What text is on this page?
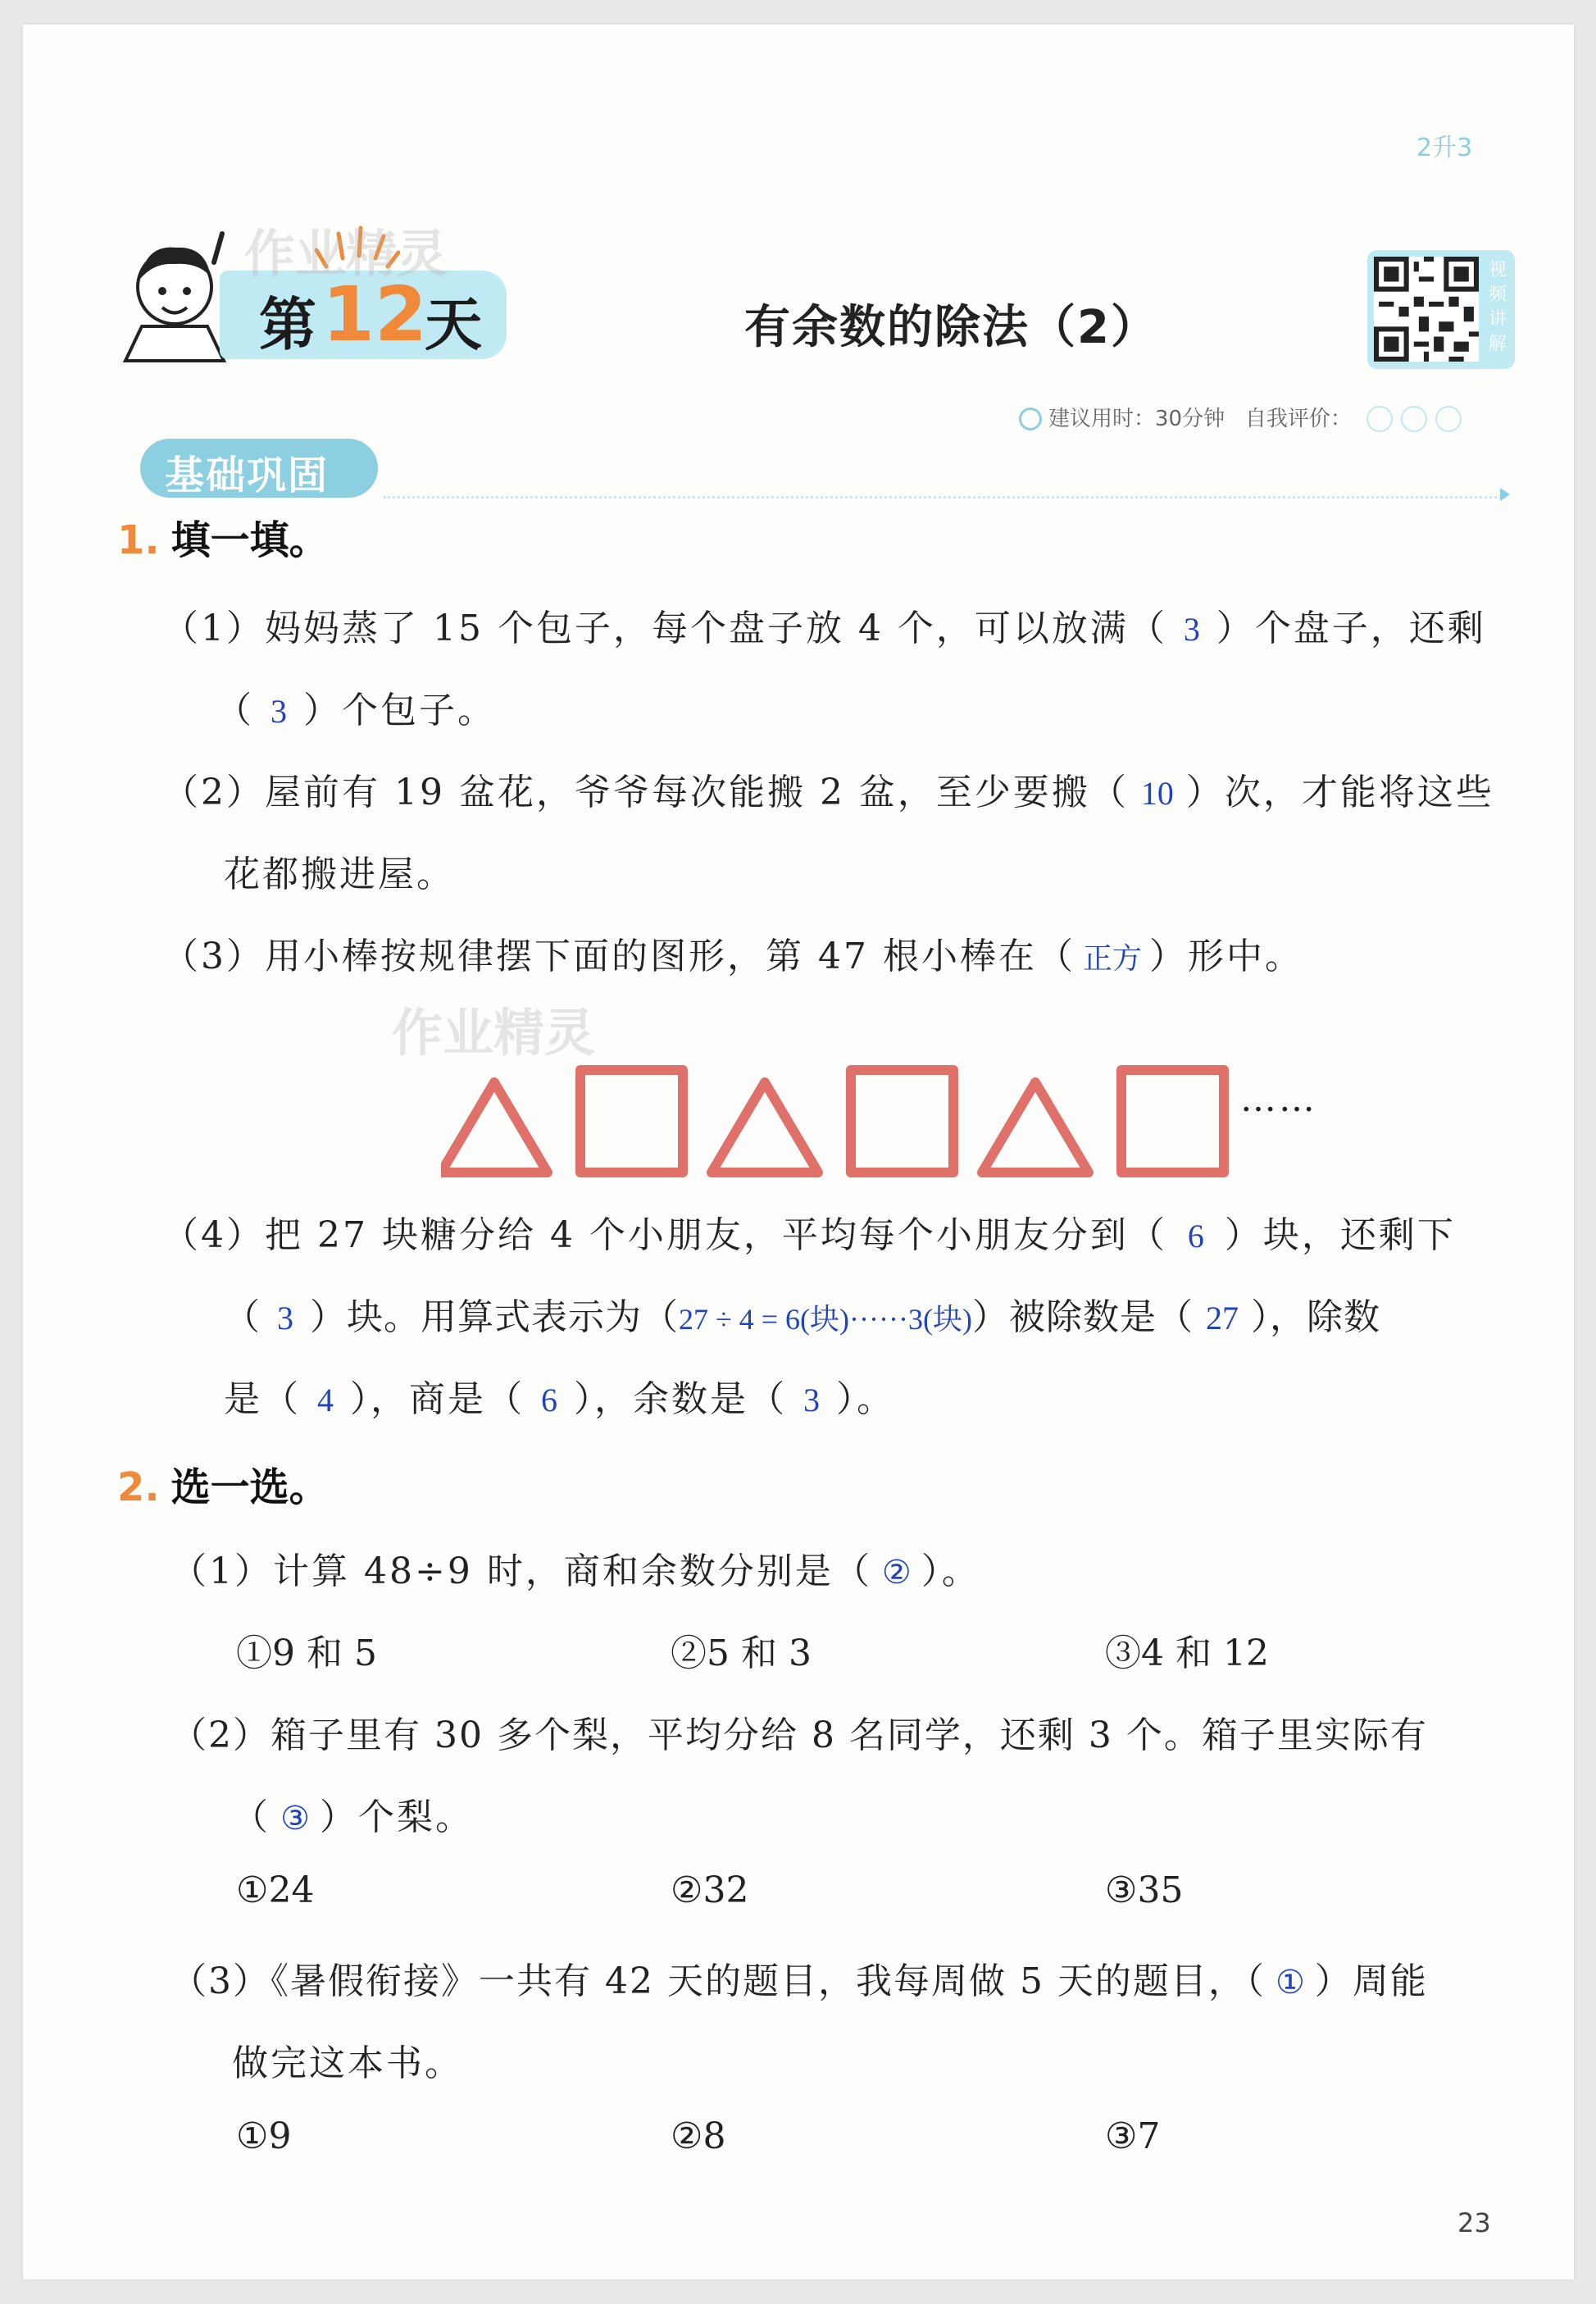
2升3
第 12
天	有余数的除法（2）
视
频
讲
解
建议用时：30分钟 自我评价：
基础巩固
1. 填一填。
（1）妈妈蒸了 15 个包子，每个盘子放 4 个，可以放满（ 3 ）个盘子，还剩
（ 3 ）个包子。
（2）屋前有 19 盆花，爷爷每次能搬 2 盆，至少要搬（ 10 ）次，才能将这些
花都搬进屋。
（3）用小棒按规律摆下面的图形，第 47 根小棒在（ 正方 ）形中。
作业精灵
作业精灵
……
（4）把 27 块糖分给 4 个小朋友，平均每个小朋友分到（ 6 ）块，还剩下
（ 3 ）块。用算式表示为（27 ÷ 4 = 6(块)······3(块)）被除数是（ 27 ），除数
是（ 4 ），商是（ 6 ），余数是（ 3 ）。
2. 选一选。
（1）计算 48÷9 时，商和余数分别是（ ② ）。
①9 和 5	②5 和 3	③4 和 12
（2）箱子里有 30 多个梨，平均分给 8 名同学，还剩 3 个。箱子里实际有
（ ③ ）个梨。
①24	②32	③35
（3）《暑假衔接》一共有 42 天的题目，我每周做 5 天的题目，（ ① ）周能
做完这本书。
①9	②8	③7
23
